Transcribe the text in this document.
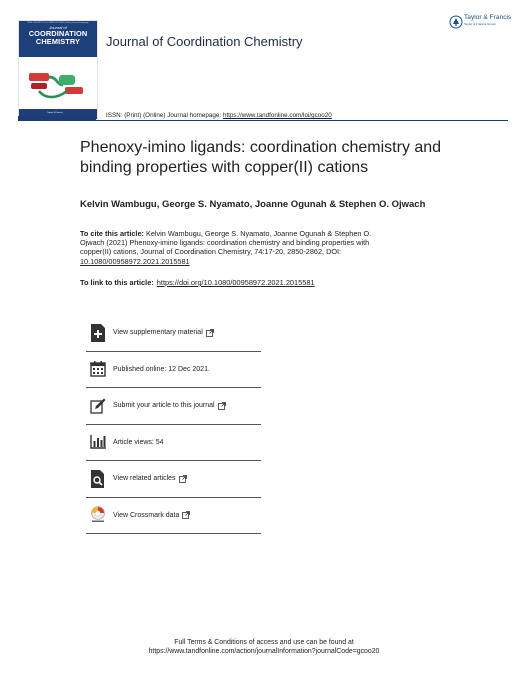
ISSN: 0095-8972 | Print ISSN 1029-0389 (Online) Journal homepage
Journal of
COORDINATION
CHEMISTRY
Taylor & Francis
Journal of Coordination Chemistry
Taylor & Francis
Taylor & Francis Group
ISSN: (Print) (Online) Journal homepage: https://www.tandfonline.com/loi/gcoo20
Phenoxy-imino ligands: coordination chemistry and binding properties with copper(II) cations
Kelvin Wambugu, George S. Nyamato, Joanne Ogunah & Stephen O. Ojwach
To cite this article: Kelvin Wambugu, George S. Nyamato, Joanne Ogunah & Stephen O. Ojwach (2021) Phenoxy-imino ligands: coordination chemistry and binding properties with copper(II) cations, Journal of Coordination Chemistry, 74:17-20, 2850-2862, DOI: 10.1080/00958972.2021.2015581
To link to this article: https://doi.org/10.1080/00958972.2021.2015581
View supplementary material
Published online: 12 Dec 2021.
Submit your article to this journal
Article views: 54
View related articles
View Crossmark data
Full Terms & Conditions of access and use can be found at
https://www.tandfonline.com/action/journalInformation?journalCode=gcoo20
